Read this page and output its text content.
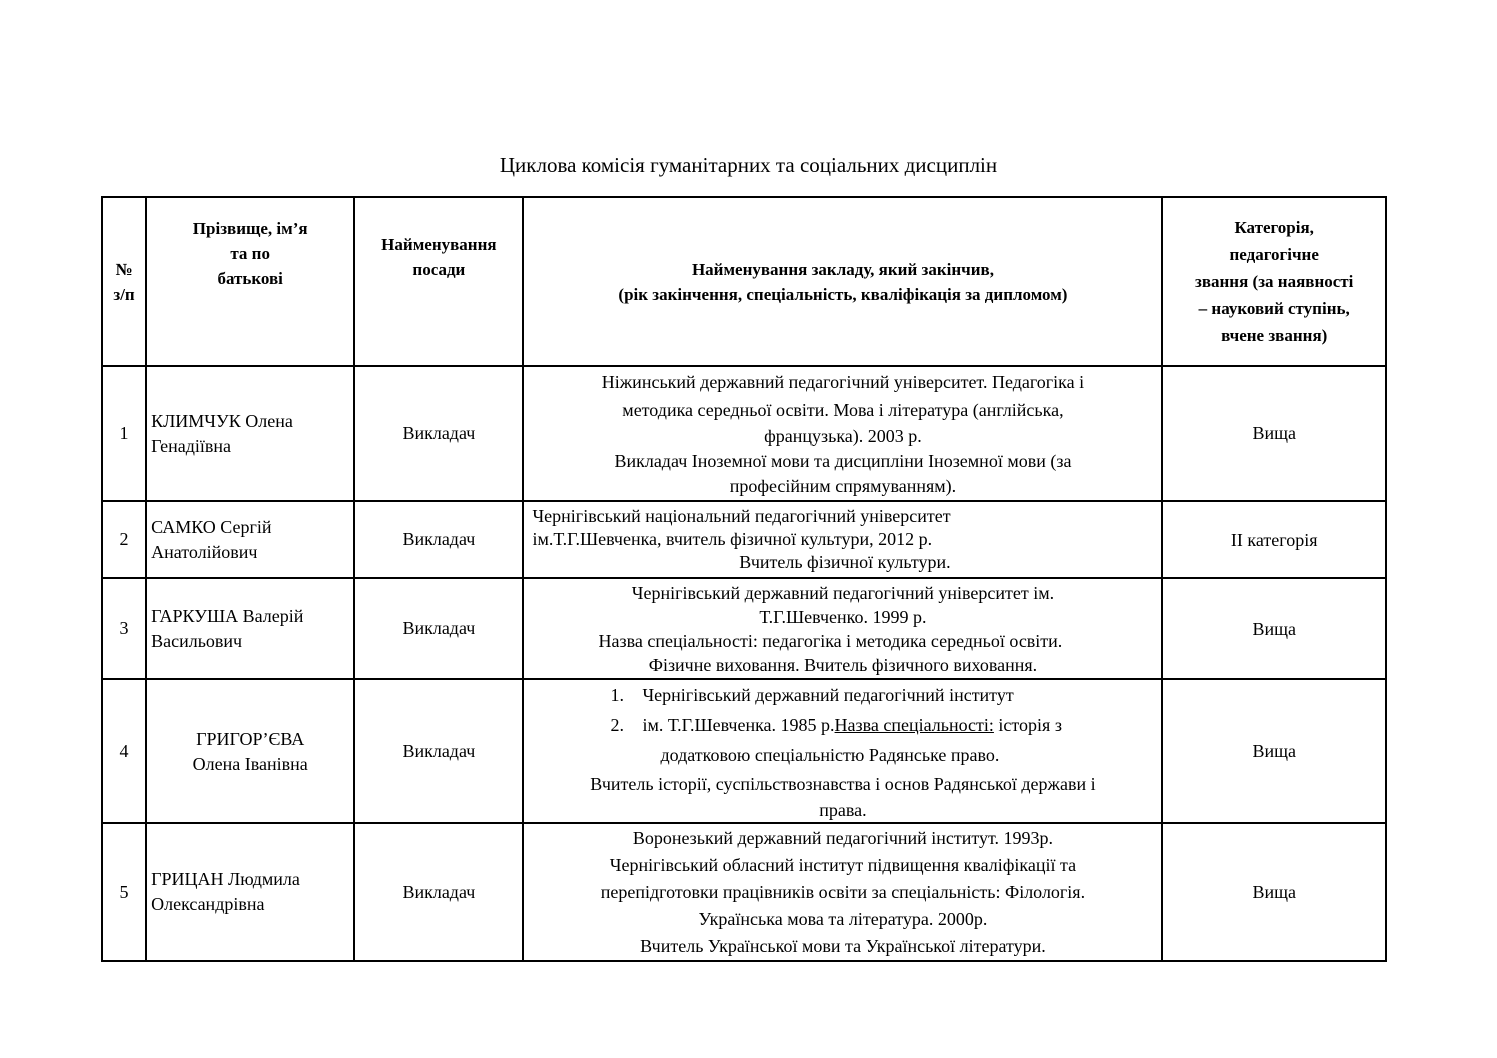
Циклова комісія гуманітарних та соціальних дисциплін
№
з/п	Прізвище, ім’я
та по
батькові	Найменування
посади	Найменування закладу, який закінчив,
(рік закінчення, спеціальність, кваліфікація за дипломом)	Категорія,
педагогічне
звання (за наявності
– науковий ступінь,
вчене звання)

1	КЛИМЧУК Олена
Генадіївна	Викладач	Ніжинський державний педагогічний університет. Педагогіка і
методика середньої освіти. Мова і література (англійська,
французька). 2003 р.
Викладач Іноземної мови та дисципліни Іноземної мови (за
професійним спрямуванням).	Вища
2	САМКО Сергій
Анатолійович	Викладач	Чернігівський національний педагогічний університет
ім.Т.Г.Шевченка, вчитель фізичної культури, 2012 р.
Вчитель фізичної культури.	ІІ категорія
3	ГАРКУША Валерій
Васильович	Викладач	Чернігівський державний педагогічний університет ім.
Т.Г.Шевченко. 1999 р.
Назва спеціальності: педагогіка і методика середньої освіти.
Фізичне виховання. Вчитель фізичного виховання.	Вища
4	ГРИГОР’ЄВА
Олена Іванівна	Викладач	1. Чернігівський державний педагогічний інститут
2. ім. Т.Г.Шевченка. 1985 р.Назва спеціальності: історія з
додатковою спеціальністю Радянське право.
Вчитель історії, суспільствознавства і основ Радянської держави і
права.	Вища
5	ГРИЦАН Людмила
Олександрівна	Викладач	Воронезький державний педагогічний інститут. 1993р.
Чернігівський обласний інститут підвищення кваліфікації та
перепідготовки працівників освіти за спеціальність: Філологія.
Українська мова та література. 2000р.
Вчитель Української мови та Української літератури.	Вища
